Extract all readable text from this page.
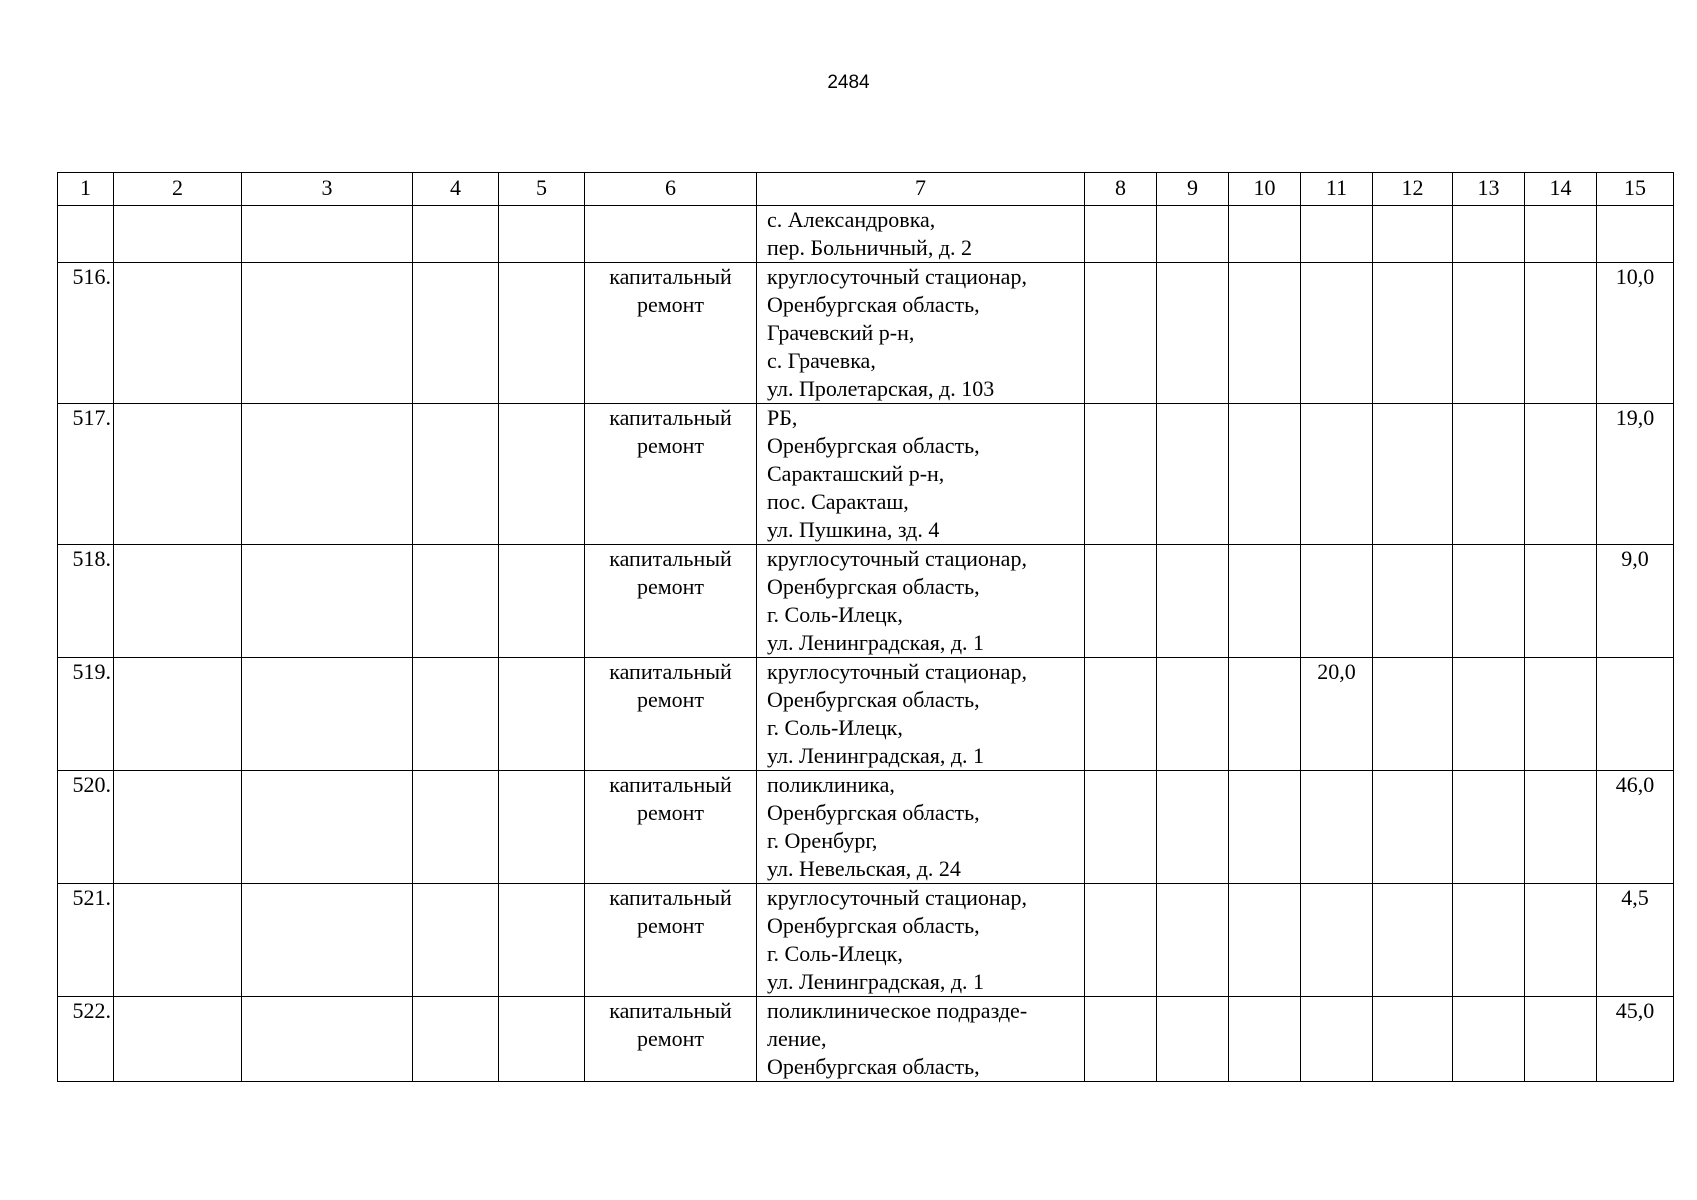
2484
1	2	3	4	5	6	7	8	9	10	11	12	13	14	15
						с. Александровка,
пер. Больничный, д. 2								
516.					капитальный ремонт	круглосуточный стационар,
Оренбургская область,
Грачевский р-н,
с. Грачевка,
ул. Пролетарская, д. 103								10,0
517.					капитальный ремонт	РБ,
Оренбургская область,
Саракташский р-н,
пос. Саракташ,
ул. Пушкина, зд. 4								19,0
518.					капитальный ремонт	круглосуточный стационар,
Оренбургская область,
г. Соль-Илецк,
ул. Ленинградская, д. 1								9,0
519.					капитальный ремонт	круглосуточный стационар,
Оренбургская область,
г. Соль-Илецк,
ул. Ленинградская, д. 1				20,0				
520.					капитальный ремонт	поликлиника,
Оренбургская область,
г. Оренбург,
ул. Невельская, д. 24								46,0
521.					капитальный ремонт	круглосуточный стационар,
Оренбургская область,
г. Соль-Илецк,
ул. Ленинградская, д. 1								4,5
522.					капитальный ремонт	поликлиническое подразде-
ление,
Оренбургская область,								45,0
